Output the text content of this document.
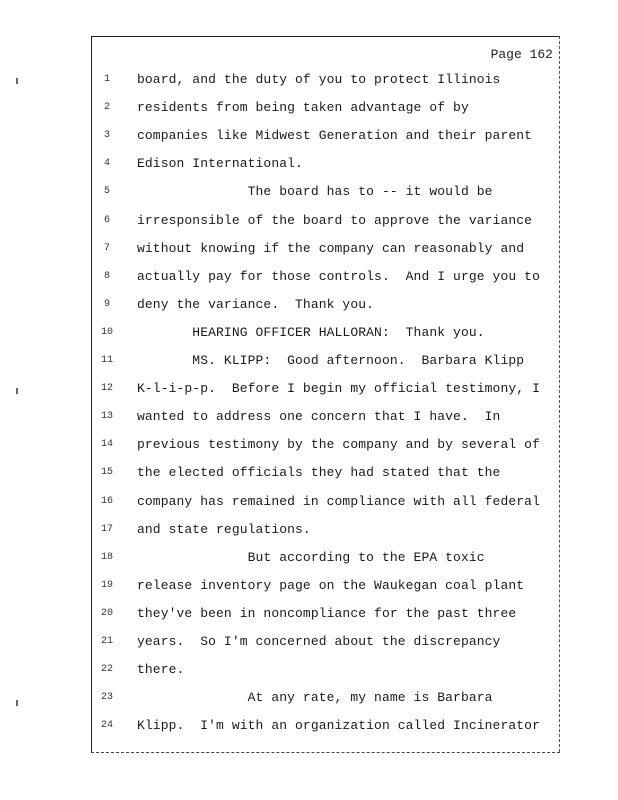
Page 162
1	board, and the duty of you to protect Illinois
2	residents from being taken advantage of by
3	companies like Midwest Generation and their parent
4	Edison International.
5	The board has to -- it would be
6	irresponsible of the board to approve the variance
7	without knowing if the company can reasonably and
8	actually pay for those controls.  And I urge you to
9	deny the variance.  Thank you.
10	HEARING OFFICER HALLORAN:  Thank you.
11	MS. KLIPP:  Good afternoon.  Barbara Klipp
12	K-l-i-p-p.  Before I begin my official testimony, I
13	wanted to address one concern that I have.  In
14	previous testimony by the company and by several of
15	the elected officials they had stated that the
16	company has remained in compliance with all federal
17	and state regulations.
18	But according to the EPA toxic
19	release inventory page on the Waukegan coal plant
20	they've been in noncompliance for the past three
21	years.  So I'm concerned about the discrepancy
22	there.
23	At any rate, my name is Barbara
24	Klipp.  I'm with an organization called Incinerator
